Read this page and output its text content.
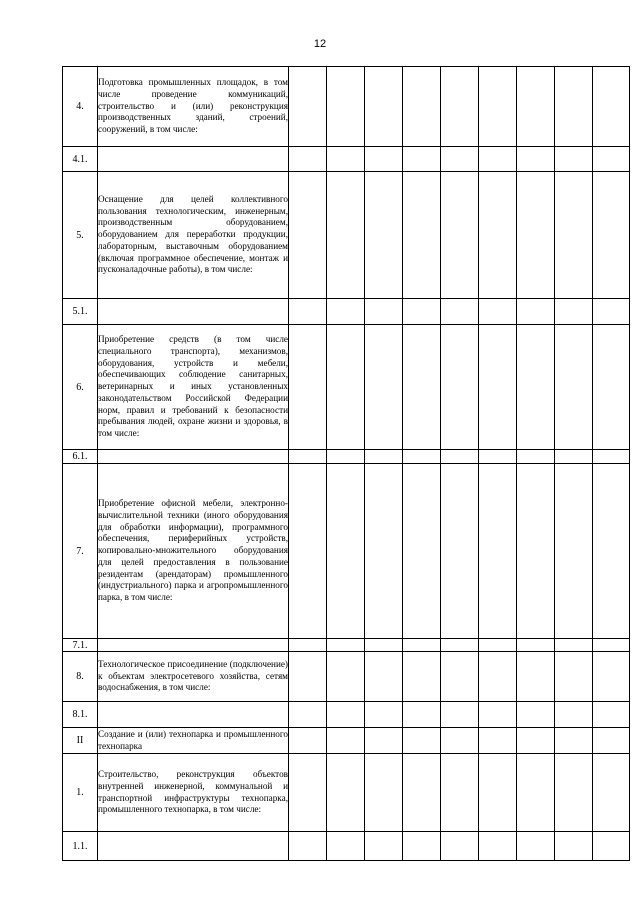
12
4.	Подготовка промышленных площадок, в том числе проведение коммуникаций, строительство и (или) реконструкция производственных зданий, строений, сооружений, в том числе:									
4.1.										
5.	Оснащение для целей коллективного пользования технологическим, инженерным, производственным оборудованием, оборудованием для переработки продукции, лабораторным, выставочным оборудованием (включая программное обеспечение, монтаж и пусконаладочные работы), в том числе:									
5.1.										
6.	Приобретение средств (в том числе специального транспорта), механизмов, оборудования, устройств и мебели, обеспечивающих соблюдение санитарных, ветеринарных и иных установленных законодательством Российской Федерации норм, правил и требований к безопасности пребывания людей, охране жизни и здоровья, в том числе:									
6.1.										
7.	Приобретение офисной мебели, электронно-вычислительной техники (иного оборудования для обработки информации), программного обеспечения, периферийных устройств, копировально-множительного оборудования для целей предоставления в пользование резидентам (арендаторам) промышленного (индустриального) парка и агропромышленного парка, в том числе:									
7.1.										
8.	Технологическое присоединение (подключение) к объектам электросетевого хозяйства, сетям водоснабжения, в том числе:									
8.1.										
II	Создание и (или) технопарка и промышленного технопарка									
1.	Строительство, реконструкция объектов внутренней инженерной, коммунальной и транспортной инфраструктуры технопарка, промышленного технопарка, в том числе:									
1.1.										
